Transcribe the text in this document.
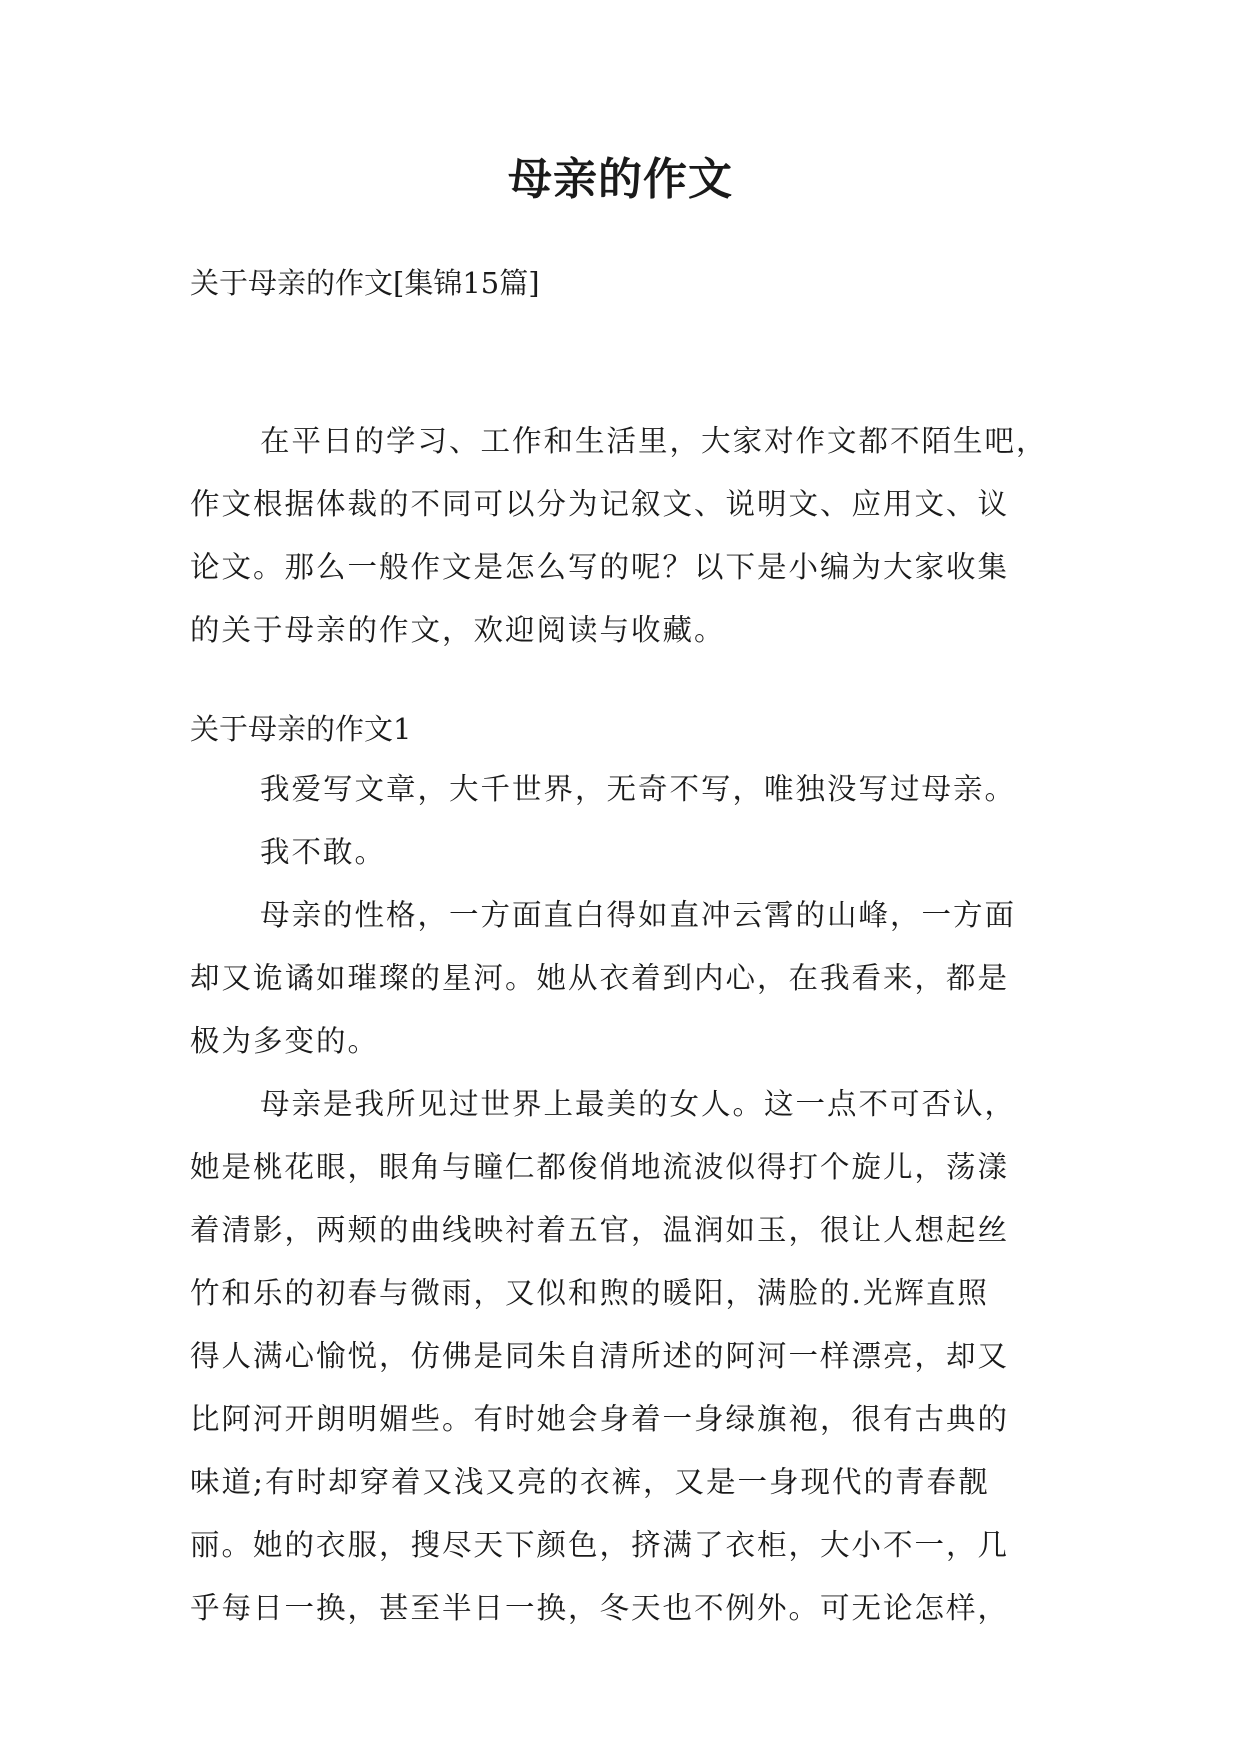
母亲的作文
关于母亲的作文[集锦15篇]
在平日的学习、工作和生活里，大家对作文都不陌生吧，
作文根据体裁的不同可以分为记叙文、说明文、应用文、议
论文。那么一般作文是怎么写的呢？以下是小编为大家收集
的关于母亲的作文，欢迎阅读与收藏。
关于母亲的作文1
我爱写文章，大千世界，无奇不写，唯独没写过母亲。
我不敢。
母亲的性格，一方面直白得如直冲云霄的山峰，一方面
却又诡谲如璀璨的星河。她从衣着到内心，在我看来，都是
极为多变的。
母亲是我所见过世界上最美的女人。这一点不可否认，
她是桃花眼，眼角与瞳仁都俊俏地流波似得打个旋儿，荡漾
着清影，两颊的曲线映衬着五官，温润如玉，很让人想起丝
竹和乐的初春与微雨，又似和煦的暖阳，满脸的.光辉直照
得人满心愉悦，仿佛是同朱自清所述的阿河一样漂亮，却又
比阿河开朗明媚些。有时她会身着一身绿旗袍，很有古典的
味道;有时却穿着又浅又亮的衣裤，又是一身现代的青春靓
丽。她的衣服，搜尽天下颜色，挤满了衣柜，大小不一，几
乎每日一换，甚至半日一换，冬天也不例外。可无论怎样，
